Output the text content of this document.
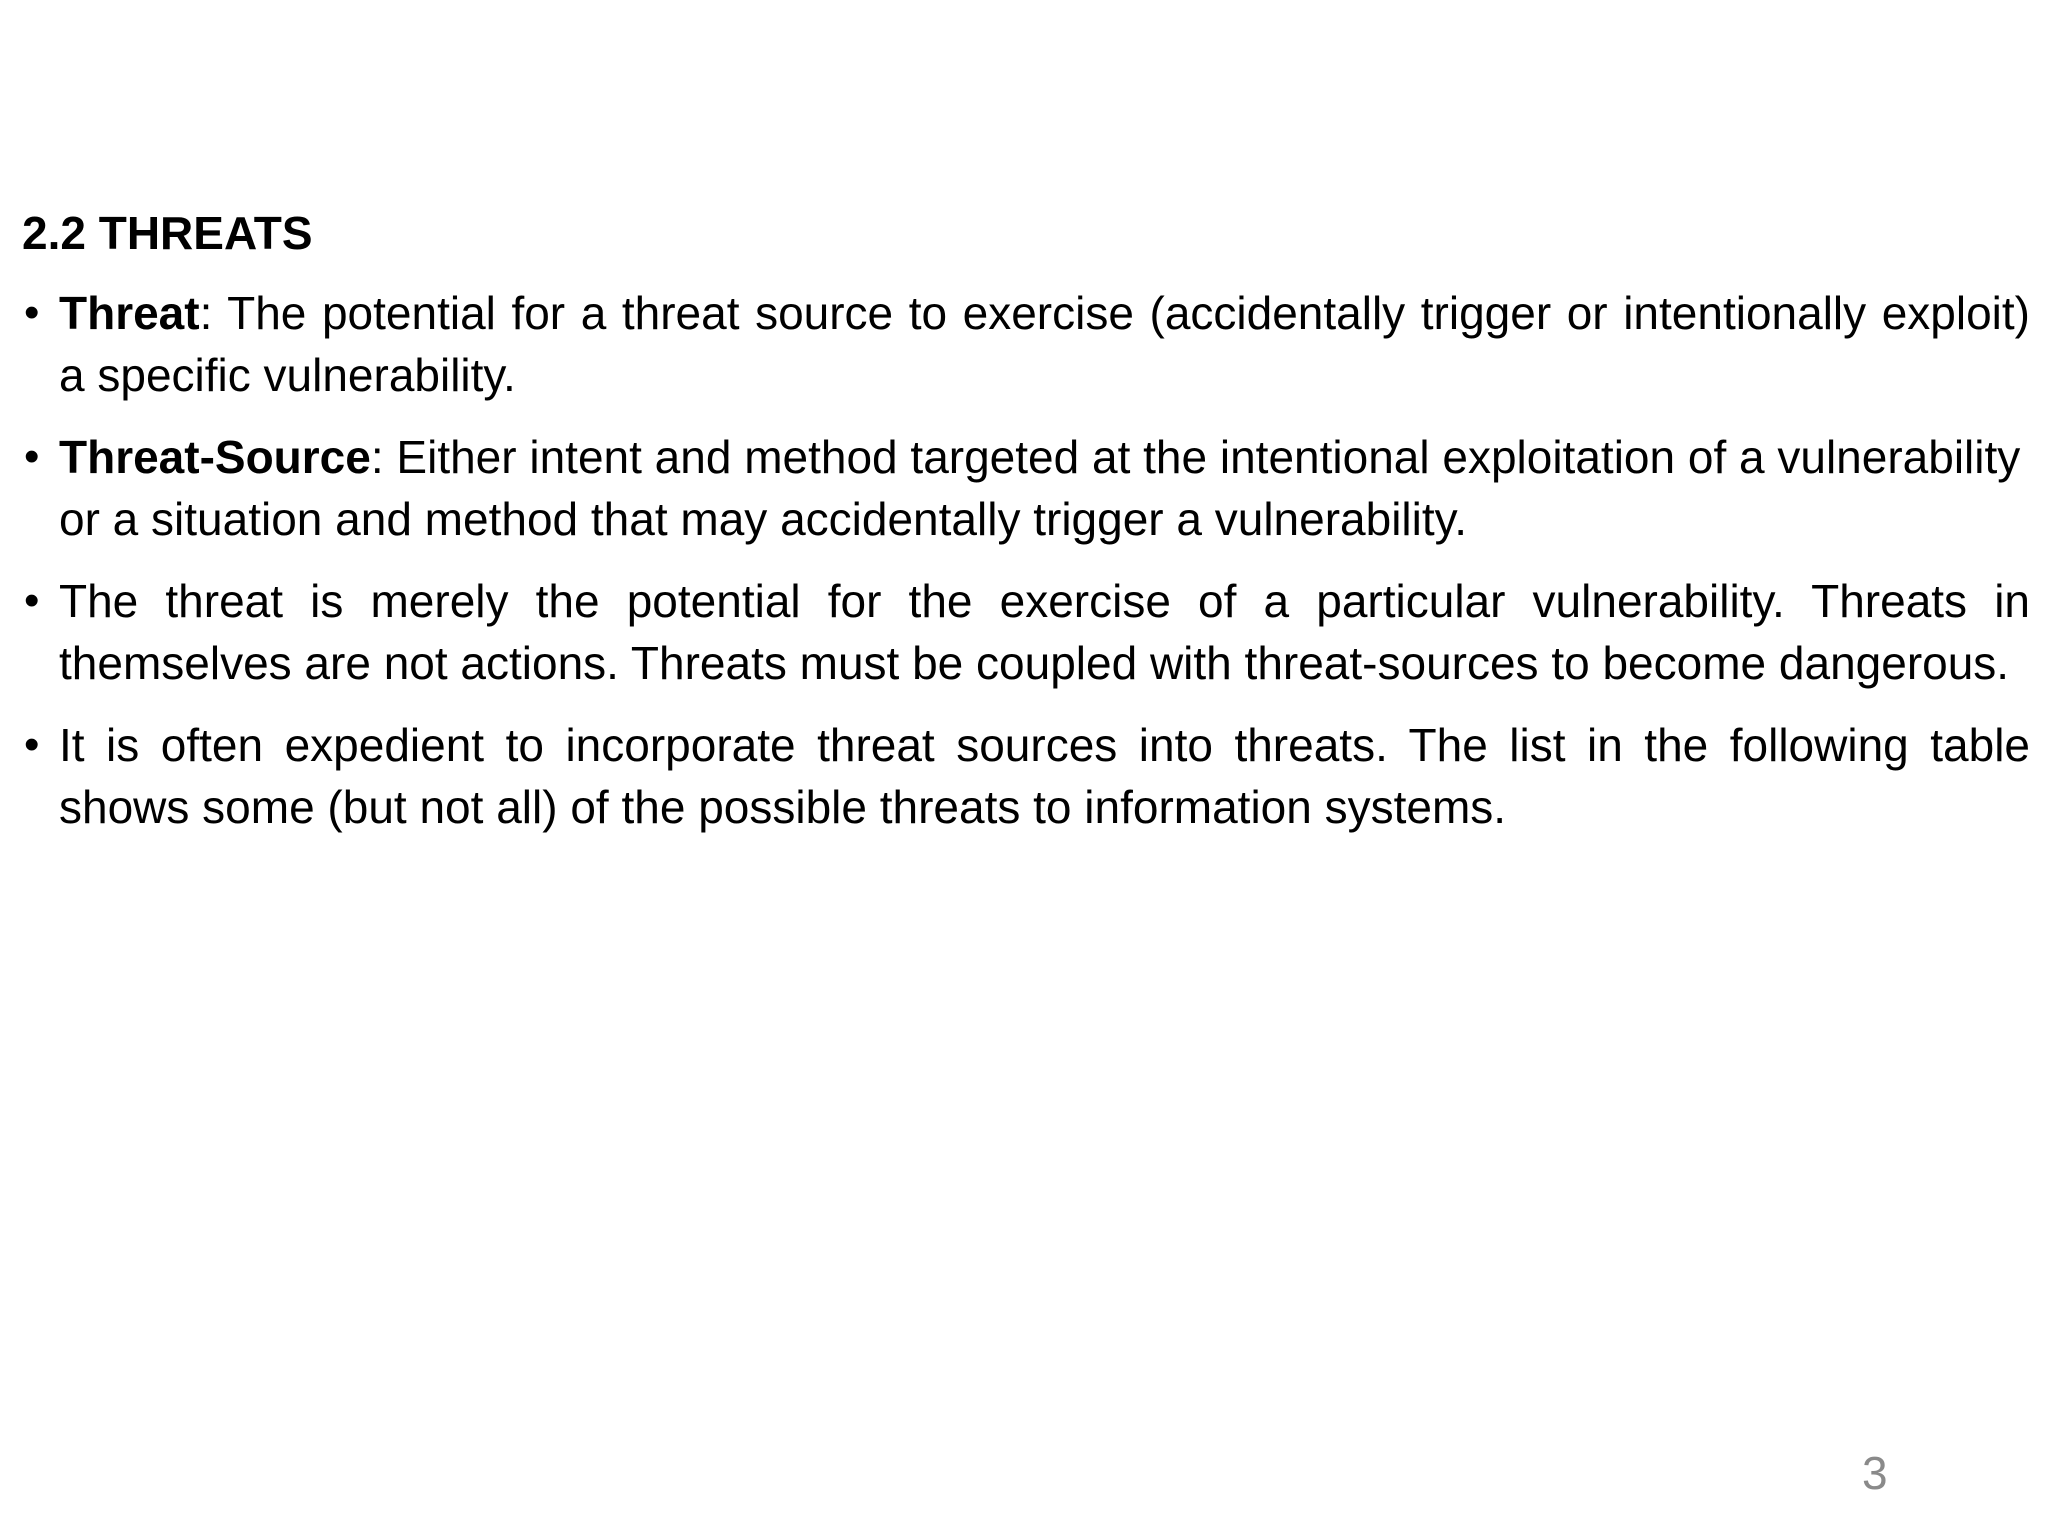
2.2 THREATS
• Threat: The potential for a threat source to exercise (accidentally trigger or intentionally exploit) a specific vulnerability.
• Threat-Source: Either intent and method targeted at the intentional exploitation of a vulnerability or a situation and method that may accidentally trigger a vulnerability.
• The threat is merely the potential for the exercise of a particular vulnerability. Threats in themselves are not actions. Threats must be coupled with threat-sources to become dangerous.
• It is often expedient to incorporate threat sources into threats. The list in the following table shows some (but not all) of the possible threats to information systems.
3
